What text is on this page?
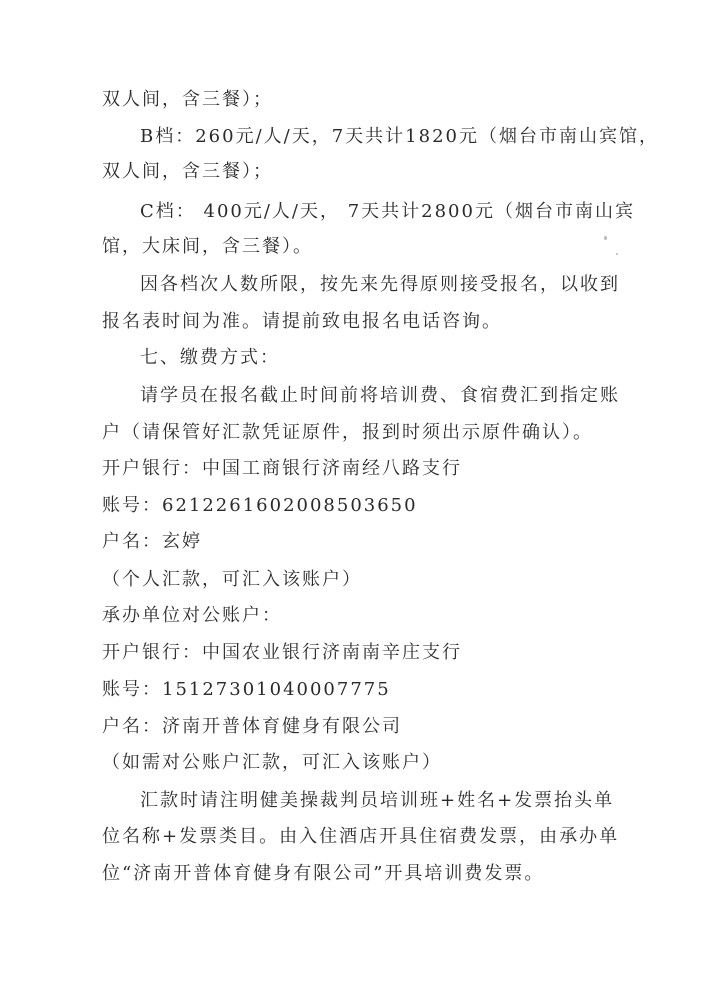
双人间，含三餐）；
B档：260元/人/天，7天共计1820元（烟台市南山宾馆，
双人间，含三餐）；
C档： 400元/人/天， 7天共计2800元（烟台市南山宾
馆，大床间，含三餐）。
因各档次人数所限，按先来先得原则接受报名，以收到
报名表时间为准。请提前致电报名电话咨询。
七、缴费方式：
请学员在报名截止时间前将培训费、食宿费汇到指定账
户（请保管好汇款凭证原件，报到时须出示原件确认）。
开户银行：中国工商银行济南经八路支行
账号：6212261602008503650
户名：玄婷
（个人汇款，可汇入该账户）
承办单位对公账户：
开户银行：中国农业银行济南南辛庄支行
账号：15127301040007775
户名：济南开普体育健身有限公司
（如需对公账户汇款，可汇入该账户）
汇款时请注明健美操裁判员培训班+姓名+发票抬头单
位名称+发票类目。由入住酒店开具住宿费发票，由承办单
位“济南开普体育健身有限公司”开具培训费发票。
